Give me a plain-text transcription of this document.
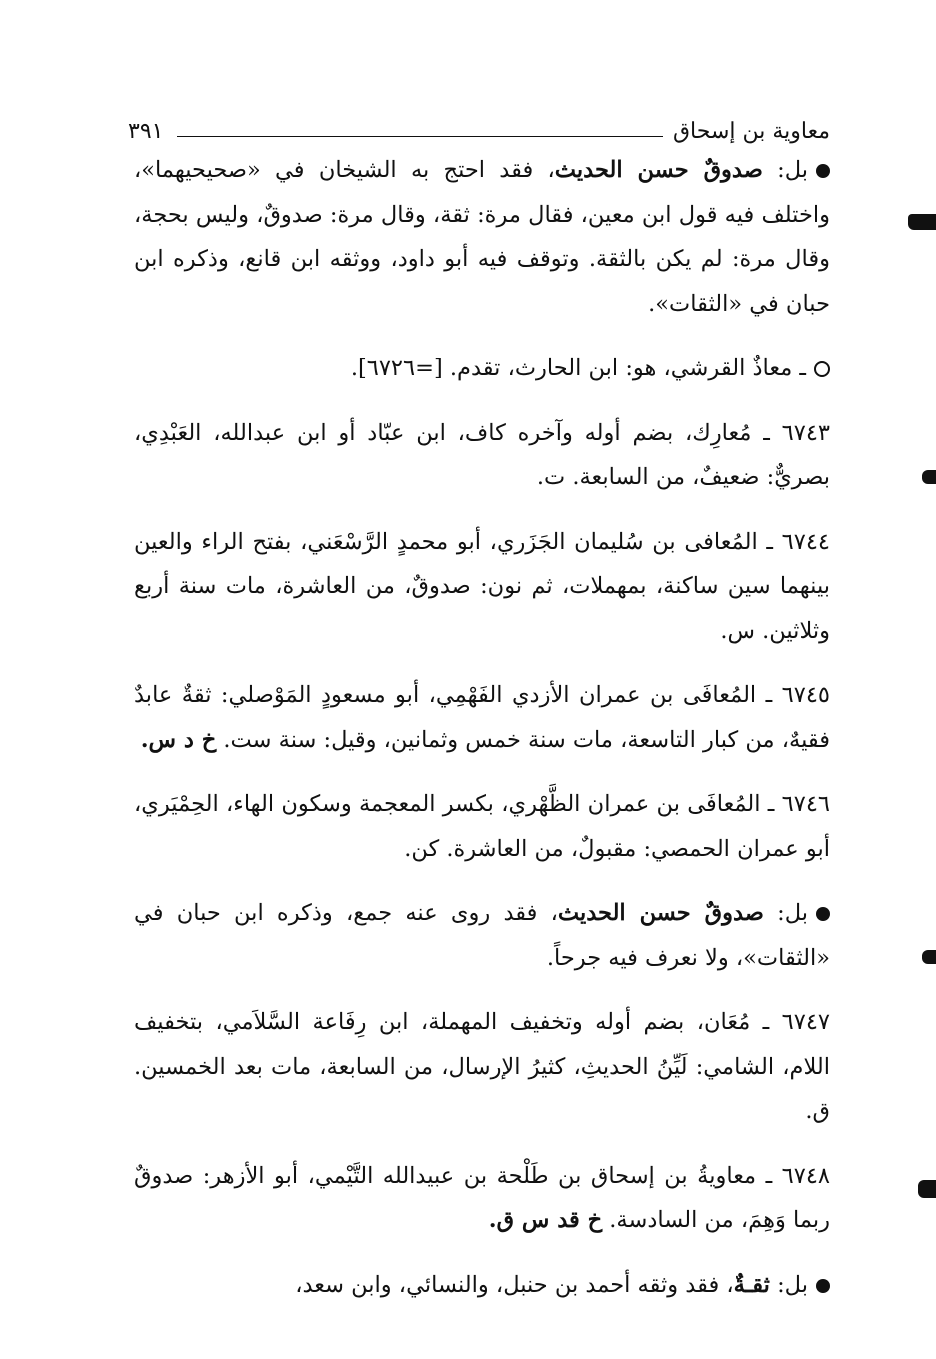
معاوية بن إسحاق
٣٩١

بل: صدوقٌ حسن الحديث، فقد احتج به الشيخان في «صحيحيهما»، واختلف فيه قول ابن معين، فقال مرة: ثقة، وقال مرة: صدوقٌ، وليس بحجة، وقال مرة: لم يكن بالثقة. وتوقف فيه أبو داود، ووثقه ابن قانع، وذكره ابن حبان في «الثقات».

ـ معاذٌ القرشي، هو: ابن الحارث، تقدم. [=٦٧٢٦].

٦٧٤٣ ـ مُعارِك، بضم أوله وآخره كاف، ابن عبّاد أو ابن عبدالله، العَبْدِي، بصريٌّ: ضعيفٌ، من السابعة. ت.

٦٧٤٤ ـ المُعافى بن سُليمان الجَزَري، أبو محمدٍ الرَّسْعَني، بفتح الراء والعين بينهما سين ساكنة، بمهملات، ثم نون: صدوقٌ، من العاشرة، مات سنة أربع وثلاثين. س.

٦٧٤٥ ـ المُعافَى بن عمران الأزدي الفَهْمِي، أبو مسعودٍ المَوْصلي: ثقةٌ عابدٌ فقيهٌ، من كبار التاسعة، مات سنة خمس وثمانين، وقيل: سنة ست. خ د س.

٦٧٤٦ ـ المُعافَى بن عمران الظَّهْري، بكسر المعجمة وسكون الهاء، الحِمْيَري، أبو عمران الحمصي: مقبولٌ، من العاشرة. كن.

بل: صدوقٌ حسن الحديث، فقد روى عنه جمع، وذكره ابن حبان في «الثقات»، ولا نعرف فيه جرحاً.

٦٧٤٧ ـ مُعَان، بضم أوله وتخفيف المهملة، ابن رِفَاعة السَّلاَمي، بتخفيف اللام، الشامي: لَيِّنُ الحديثِ، كثيرُ الإرسال، من السابعة، مات بعد الخمسين. ق.

٦٧٤٨ ـ معاويةُ بن إسحاق بن طَلْحة بن عبيدالله التَّيْمي، أبو الأزهر: صدوقٌ ربما وَهِمَ، من السادسة. خ قد س ق.

بل: ثقـةٌ، فقد وثقه أحمد بن حنبل، والنسائي، وابن سعد،
